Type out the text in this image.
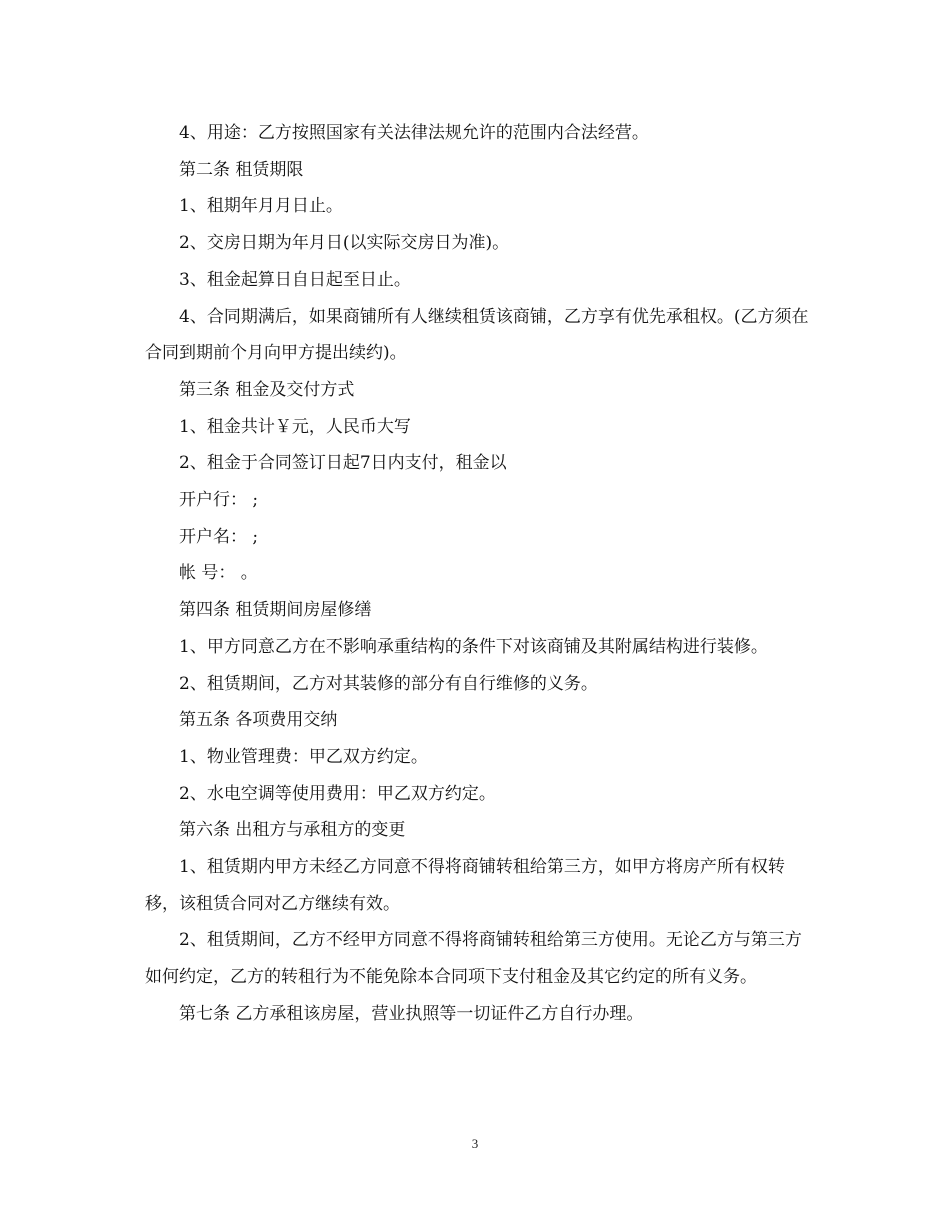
4、用途：乙方按照国家有关法律法规允许的范围内合法经营。

第二条 租赁期限

1、租期年月月日止。

2、交房日期为年月日(以实际交房日为准)。

3、租金起算日自日起至日止。

4、合同期满后，如果商铺所有人继续租赁该商铺，乙方享有优先承租权。(乙方须在合同到期前个月向甲方提出续约)。

第三条 租金及交付方式

1、租金共计￥元，人民币大写

2、租金于合同签订日起7日内支付，租金以

开户行： ;

开户名： ;

帐 号： 。

第四条 租赁期间房屋修缮

1、甲方同意乙方在不影响承重结构的条件下对该商铺及其附属结构进行装修。

2、租赁期间，乙方对其装修的部分有自行维修的义务。

第五条 各项费用交纳

1、物业管理费：甲乙双方约定。

2、水电空调等使用费用：甲乙双方约定。

第六条 出租方与承租方的变更

1、租赁期内甲方未经乙方同意不得将商铺转租给第三方，如甲方将房产所有权转移，该租赁合同对乙方继续有效。

2、租赁期间，乙方不经甲方同意不得将商铺转租给第三方使用。无论乙方与第三方如何约定，乙方的转租行为不能免除本合同项下支付租金及其它约定的所有义务。

第七条 乙方承租该房屋，营业执照等一切证件乙方自行办理。

3
